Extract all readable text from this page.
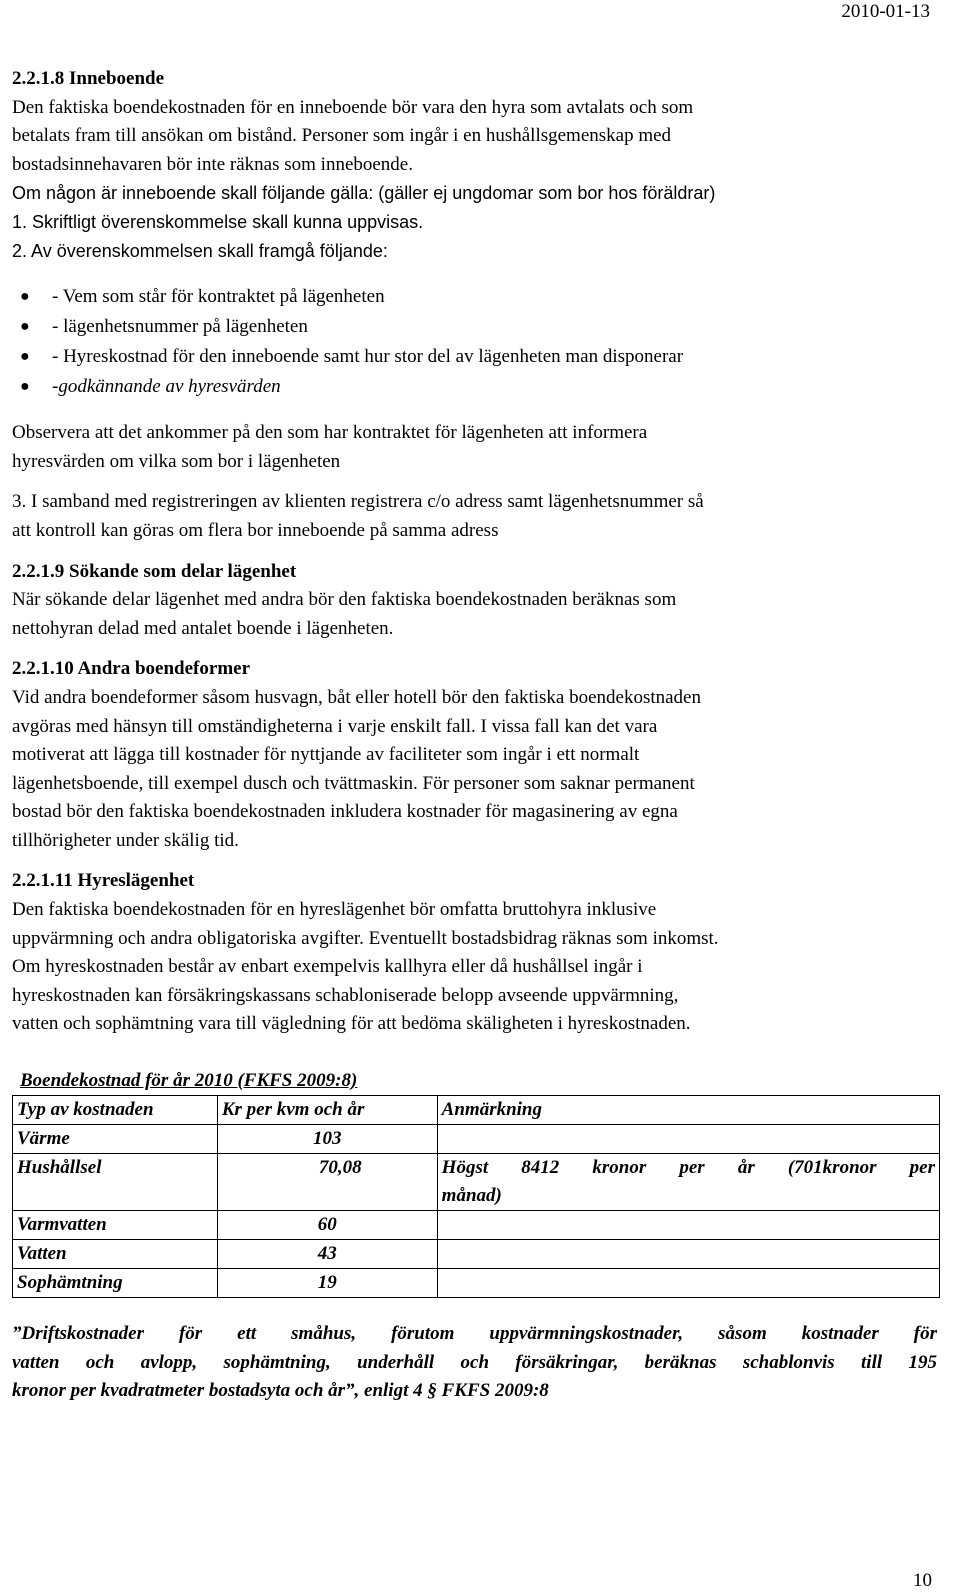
2010-01-13
2.2.1.8 Inneboende
Den faktiska boendekostnaden för en inneboende bör vara den hyra som avtalats och som
betalats fram till ansökan om bistånd. Personer som ingår i en hushållsgemenskap med
bostadsinnehavaren bör inte räknas som inneboende.
Om någon är inneboende skall följande gälla: (gäller ej ungdomar som bor hos föräldrar)
1. Skriftligt överenskommelse skall kunna uppvisas.
2. Av överenskommelsen skall framgå följande:
● - Vem som står för kontraktet på lägenheten
● - lägenhetsnummer på lägenheten
● - Hyreskostnad för den inneboende samt hur stor del av lägenheten man disponerar
● -godkännande av hyresvärden
Observera att det ankommer på den som har kontraktet för lägenheten att informera
hyresvärden om vilka som bor i lägenheten
3. I samband med registreringen av klienten registrera c/o adress samt lägenhetsnummer så
att kontroll kan göras om flera bor inneboende på samma adress
2.2.1.9 Sökande som delar lägenhet
När sökande delar lägenhet med andra bör den faktiska boendekostnaden beräknas som
nettohyran delad med antalet boende i lägenheten.
2.2.1.10 Andra boendeformer
Vid andra boendeformer såsom husvagn, båt eller hotell bör den faktiska boendekostnaden
avgöras med hänsyn till omständigheterna i varje enskilt fall. I vissa fall kan det vara
motiverat att lägga till kostnader för nyttjande av faciliteter som ingår i ett normalt
lägenhetsboende, till exempel dusch och tvättmaskin. För personer som saknar permanent
bostad bör den faktiska boendekostnaden inkludera kostnader för magasinering av egna
tillhörigheter under skälig tid.
2.2.1.11 Hyreslägenhet
Den faktiska boendekostnaden för en hyreslägenhet bör omfatta bruttohyra inklusive
uppvärmning och andra obligatoriska avgifter. Eventuellt bostadsbidrag räknas som inkomst.
Om hyreskostnaden består av enbart exempelvis kallhyra eller då hushållsel ingår i
hyreskostnaden kan försäkringskassans schabloniserade belopp avseende uppvärmning,
vatten och sophämtning vara till vägledning för att bedöma skäligheten i hyreskostnaden.
Boendekostnad för år 2010 (FKFS 2009:8)
Typ av kostnaden	Kr per kvm och år	Anmärkning
Värme	103	
Hushållsel	70,08	Högst 8412 kronor per år (701kronor per
månad)

Varmvatten	60	
Vatten	43	
Sophämtning	19	
”Driftskostnader för ett småhus, förutom uppvärmningskostnader, såsom kostnader för
vatten och avlopp, sophämtning, underhåll och försäkringar, beräknas schablonvis till 195
kronor per kvadratmeter bostadsyta och år”, enligt 4 § FKFS 2009:8
10
